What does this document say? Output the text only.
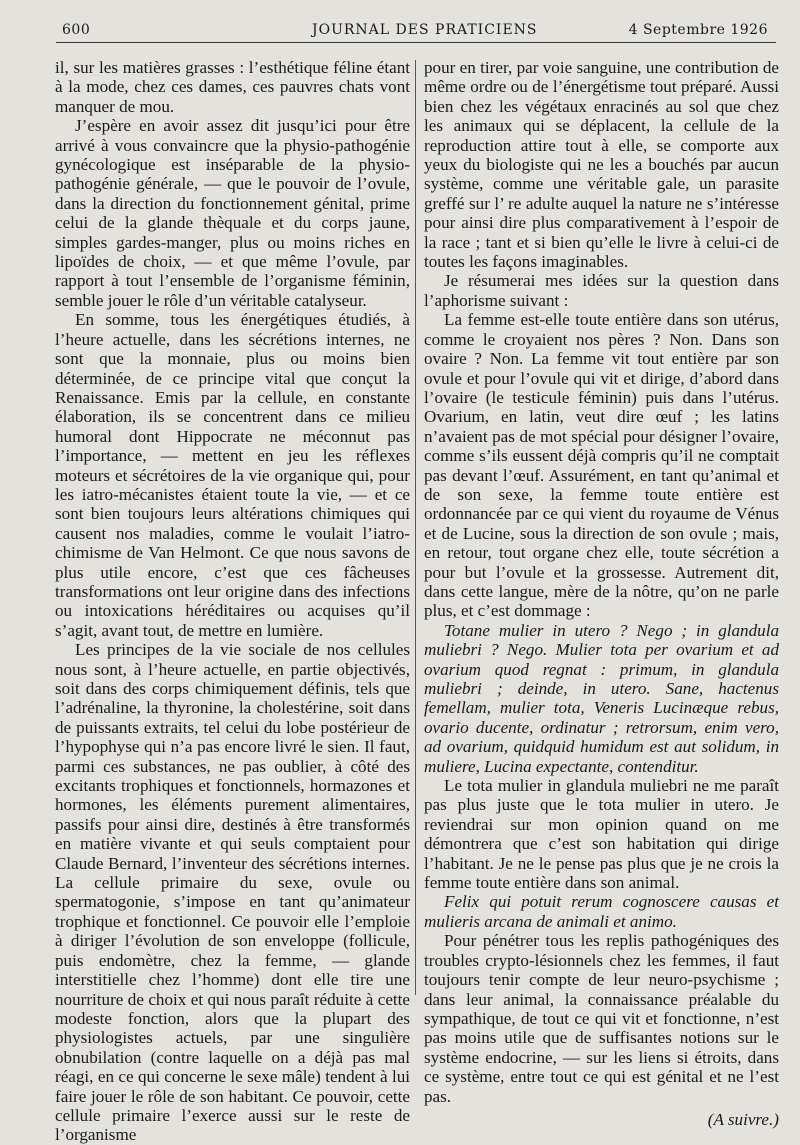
600	JOURNAL DES PRATICIENS	4 Septembre 1926

il, sur les matières grasses : l’esthétique féline étant à la mode, chez ces dames, ces pauvres chats vont manquer de mou.

J’espère en avoir assez dit jusqu’ici pour être arrivé à vous convaincre que la physio-pathogénie gynécologique est inséparable de la physio-pathogénie générale, — que le pouvoir de l’ovule, dans la direction du fonctionnement génital, prime celui de la glande thèquale et du corps jaune, simples gardes-manger, plus ou moins riches en lipoïdes de choix, — et que même l’ovule, par rapport à tout l’ensemble de l’organisme féminin, semble jouer le rôle d’un véritable catalyseur.

En somme, tous les énergétiques étudiés, à l’heure actuelle, dans les sécrétions internes, ne sont que la monnaie, plus ou moins bien déterminée, de ce principe vital que conçut la Renaissance. Emis par la cellule, en constante élaboration, ils se concentrent dans ce milieu humoral dont Hippocrate ne méconnut pas l’importance, — mettent en jeu les réflexes moteurs et sécrétoires de la vie organique qui, pour les iatro-mécanistes étaient toute la vie, — et ce sont bien toujours leurs altérations chimiques qui causent nos maladies, comme le voulait l’iatro-chimisme de Van Helmont. Ce que nous savons de plus utile encore, c’est que ces fâcheuses transformations ont leur origine dans des infections ou intoxications héréditaires ou acquises qu’il s’agit, avant tout, de mettre en lumière.

Les principes de la vie sociale de nos cellules nous sont, à l’heure actuelle, en partie objectivés, soit dans des corps chimiquement définis, tels que l’adrénaline, la thyronine, la cholestérine, soit dans de puissants extraits, tel celui du lobe postérieur de l’hypophyse qui n’a pas encore livré le sien. Il faut, parmi ces substances, ne pas oublier, à côté des excitants trophiques et fonctionnels, hormazones et hormones, les éléments purement alimentaires, passifs pour ainsi dire, destinés à être transformés en matière vivante et qui seuls comptaient pour Claude Bernard, l’inventeur des sécrétions internes. La cellule primaire du sexe, ovule ou spermatogonie, s’impose en tant qu’animateur trophique et fonctionnel. Ce pouvoir elle l’emploie à diriger l’évolution de son enveloppe (follicule, puis endomètre, chez la femme, — glande interstitielle chez l’homme) dont elle tire une nourriture de choix et qui nous paraît réduite à cette modeste fonction, alors que la plupart des physiologistes actuels, par une singulière obnubilation (contre laquelle on a déjà pas mal réagi, en ce qui concerne le sexe mâle) tendent à lui faire jouer le rôle de son habitant. Ce pouvoir, cette cellule primaire l’exerce aussi sur le reste de l’organisme

pour en tirer, par voie sanguine, une contribution de même ordre ou de l’énergétisme tout préparé. Aussi bien chez les végétaux enracinés au sol que chez les animaux qui se déplacent, la cellule de la reproduction attire tout à elle, se comporte aux yeux du biologiste qui ne les a bouchés par aucun système, comme une véritable gale, un parasite greffé sur l’ re adulte auquel la nature ne s’intéresse pour ainsi dire plus comparativement à l’espoir de la race ; tant et si bien qu’elle le livre à celui-ci de toutes les façons imaginables.

Je résumerai mes idées sur la question dans l’aphorisme suivant :

La femme est-elle toute entière dans son utérus, comme le croyaient nos pères ? Non. Dans son ovaire ? Non. La femme vit tout entière par son ovule et pour l’ovule qui vit et dirige, d’abord dans l’ovaire (le testicule féminin) puis dans l’utérus. Ovarium, en latin, veut dire œuf ; les latins n’avaient pas de mot spécial pour désigner l’ovaire, comme s’ils eussent déjà compris qu’il ne comptait pas devant l’œuf. Assurément, en tant qu’animal et de son sexe, la femme toute entière est ordonnancée par ce qui vient du royaume de Vénus et de Lucine, sous la direction de son ovule ; mais, en retour, tout organe chez elle, toute sécrétion a pour but l’ovule et la grossesse. Autrement dit, dans cette langue, mère de la nôtre, qu’on ne parle plus, et c’est dommage :

Totane mulier in utero ? Nego ; in glandula muliebri ? Nego. Mulier tota per ovarium et ad ovarium quod regnat : primum, in glandula muliebri ; deinde, in utero. Sane, hactenus femellam, mulier tota, Veneris Lucinæque rebus, ovario ducente, ordinatur ; retrorsum, enim vero, ad ovarium, quidquid humidum est aut solidum, in muliere, Lucina expectante, contenditur.

Le tota mulier in glandula muliebri ne me paraît pas plus juste que le tota mulier in utero. Je reviendrai sur mon opinion quand on me démontrera que c’est son habitation qui dirige l’habitant. Je ne le pense pas plus que je ne crois la femme toute entière dans son animal.

Felix qui potuit rerum cognoscere causas et mulieris arcana de animali et animo.

Pour pénétrer tous les replis pathogéniques des troubles crypto-lésionnels chez les femmes, il faut toujours tenir compte de leur neuro-psychisme ; dans leur animal, la connaissance préalable du sympathique, de tout ce qui vit et fonctionne, n’est pas moins utile que de suffisantes notions sur le système endocrine, — sur les liens si étroits, dans ce système, entre tout ce qui est génital et ne l’est pas.

(A suivre.)
